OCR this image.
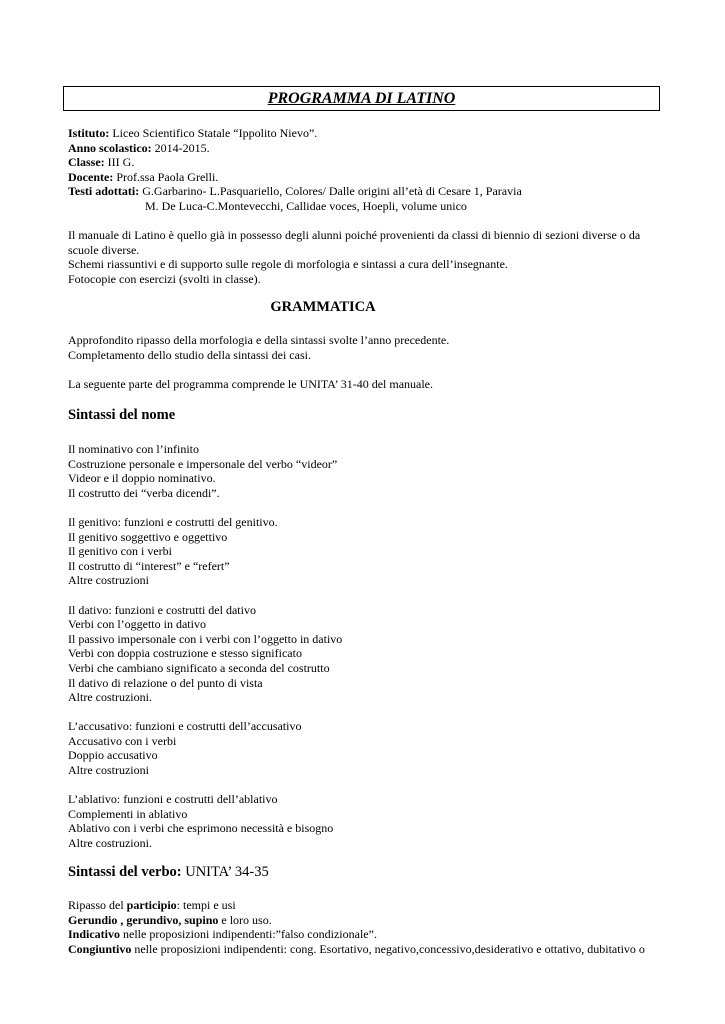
PROGRAMMA DI LATINO
Istituto: Liceo Scientifico Statale “Ippolito Nievo”.
Anno scolastico: 2014-2015.
Classe: III G.
Docente: Prof.ssa Paola Grelli.
Testi adottati: G.Garbarino- L.Pasquariello, Colores/ Dalle origini all’età di Cesare 1, Paravia
M. De Luca-C.Montevecchi, Callidae voces, Hoepli, volume unico
Il manuale di Latino è quello già in possesso degli alunni poiché provenienti da classi di biennio di sezioni diverse o da
scuole diverse.
Schemi riassuntivi e di supporto sulle regole di morfologia e sintassi a cura dell’insegnante.
Fotocopie con esercizi (svolti in classe).
GRAMMATICA
Approfondito ripasso della morfologia e della sintassi svolte l’anno precedente.
Completamento dello studio della sintassi dei casi.
La seguente parte del programma comprende le UNITA’ 31-40 del manuale.
Sintassi del nome
Il nominativo con l’infinito
Costruzione personale e impersonale del verbo “videor”
Videor e il doppio nominativo.
Il costrutto dei “verba dicendi”.
Il genitivo: funzioni e costrutti del genitivo.
Il genitivo soggettivo e oggettivo
Il genitivo con i verbi
Il costrutto di “interest” e “refert”
Altre costruzioni
Il dativo: funzioni e costrutti del dativo
Verbi con l’oggetto in dativo
Il passivo impersonale con i verbi con l’oggetto in dativo
Verbi con doppia costruzione e stesso significato
Verbi che cambiano significato a seconda del costrutto
Il dativo di relazione o del punto di vista
Altre costruzioni.
L’accusativo: funzioni e costrutti dell’accusativo
Accusativo con i verbi
Doppio accusativo
Altre costruzioni
L’ablativo: funzioni e costrutti dell’ablativo
Complementi in ablativo
Ablativo con i verbi che esprimono necessità e bisogno
Altre costruzioni.
Sintassi del verbo: UNITA’ 34-35
Ripasso del participio: tempi e usi
Gerundio , gerundivo, supino e loro uso.
Indicativo nelle proposizioni indipendenti:”falso condizionale”.
Congiuntivo nelle proposizioni indipendenti: cong. Esortativo, negativo,concessivo,desiderativo e ottativo, dubitativo o
